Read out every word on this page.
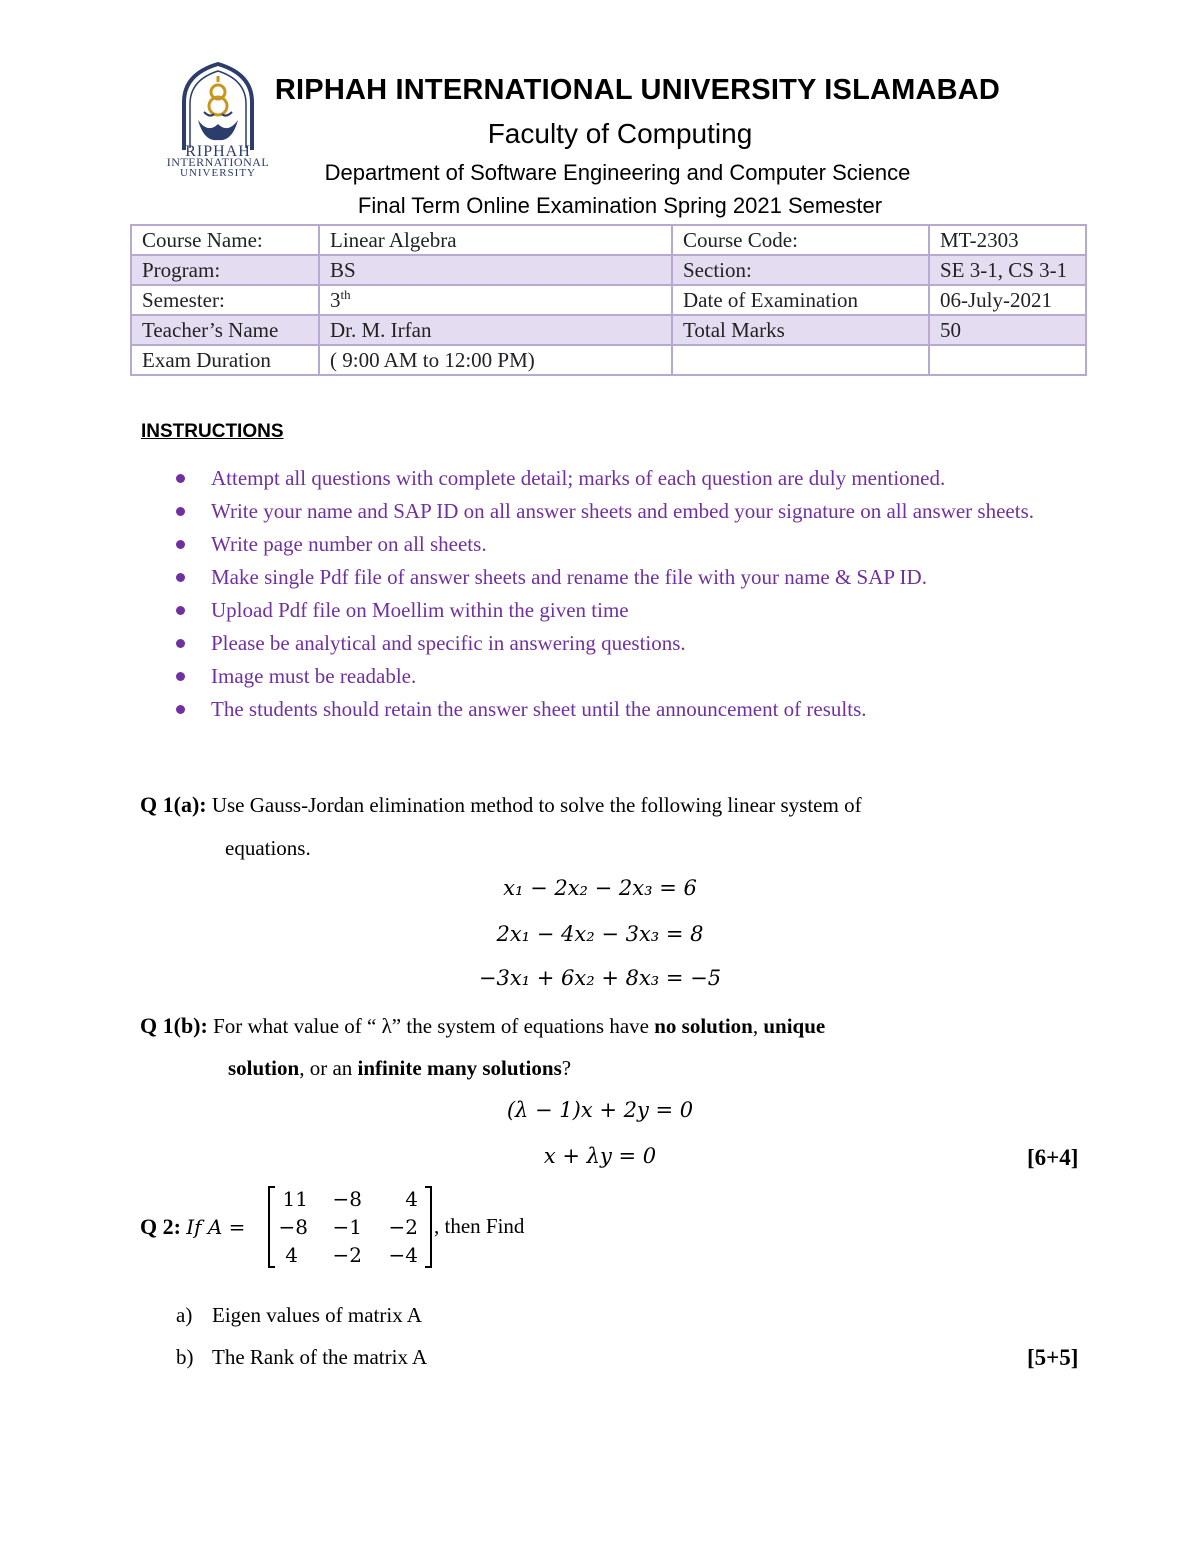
RIPHAH
INTERNATIONAL
UNIVERSITY
RIPHAH INTERNATIONAL UNIVERSITY ISLAMABAD
Faculty of Computing
Department of Software Engineering and Computer Science
Final Term Online Examination Spring 2021 Semester
Course Name:	Linear Algebra	Course Code:	MT-2303
Program:	BS	Section:	SE 3-1, CS 3-1
Semester:	3th	Date of Examination	06-July-2021
Teacher’s Name	Dr. M. Irfan	Total Marks	50
Exam Duration	( 9:00 AM to 12:00 PM)		
INSTRUCTIONS
Attempt all questions with complete detail; marks of each question are duly mentioned.
Write your name and SAP ID on all answer sheets and embed your signature on all answer sheets.
Write page number on all sheets.
Make single Pdf file of answer sheets and rename the file with your name & SAP ID.
Upload Pdf file on Moellim within the given time
Please be analytical and specific in answering questions.
Image must be readable.
The students should retain the answer sheet until the announcement of results.
Q 1(a): Use Gauss-Jordan elimination method to solve the following linear system of
equations.
x₁ − 2x₂ − 2x₃ = 6
2x₁ − 4x₂ − 3x₃ = 8
−3x₁ + 6x₂ + 8x₃ = −5
Q 1(b): For what value of “ λ” the system of equations have no solution, unique
solution, or an infinite many solutions?
(λ − 1)x + 2y = 0
x + λy = 0	[6+4]
Q 2: If A =
11	−8	4
−8	−1	−2
4	−2	−4
, then Find
a) Eigen values of matrix A
b) The Rank of the matrix A	[5+5]
